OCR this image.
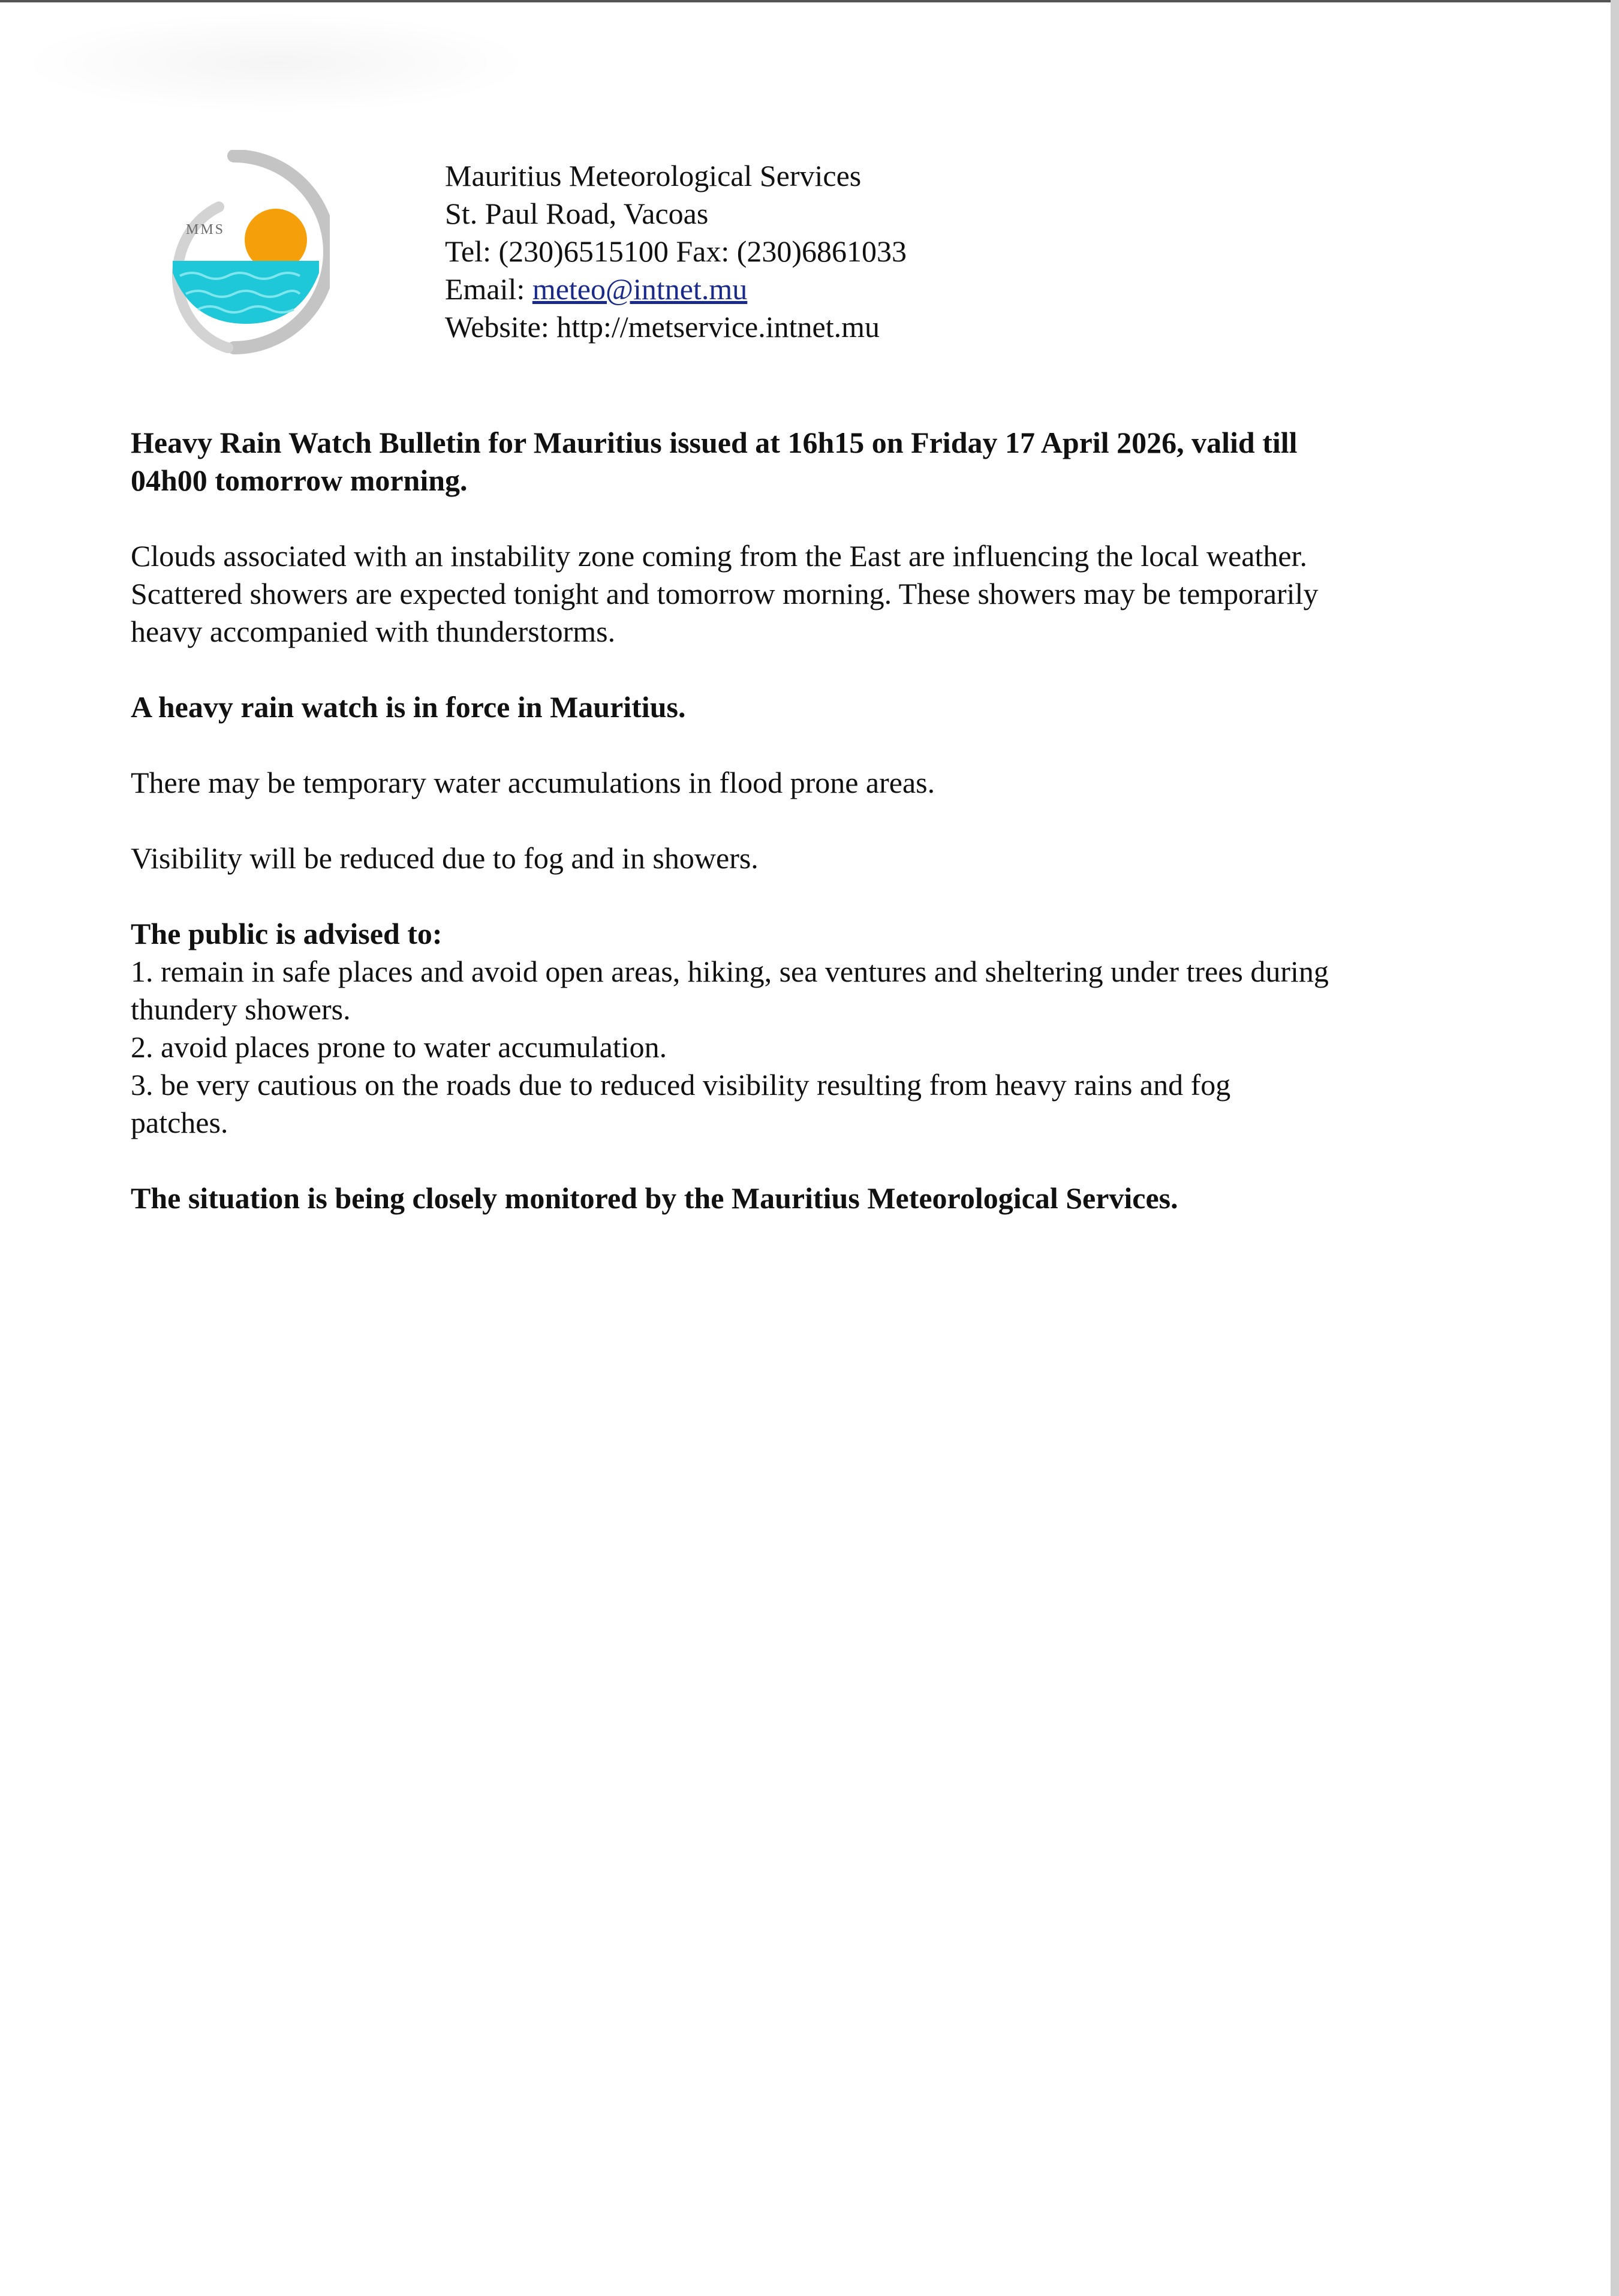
MMS
Mauritius Meteorological Services
St. Paul Road, Vacoas
Tel: (230)6515100 Fax: (230)6861033
Email: meteo@intnet.mu
Website: http://metservice.intnet.mu

Heavy Rain Watch Bulletin for Mauritius issued at 16h15 on Friday 17 April 2026, valid till

04h00 tomorrow morning.

Clouds associated with an instability zone coming from the East are influencing the local weather.

Scattered showers are expected tonight and tomorrow morning. These showers may be temporarily

heavy accompanied with thunderstorms.

A heavy rain watch is in force in Mauritius.

There may be temporary water accumulations in flood prone areas.

Visibility will be reduced due to fog and in showers.

The public is advised to:

1. remain in safe places and avoid open areas, hiking, sea ventures and sheltering under trees during

thundery showers.

2. avoid places prone to water accumulation.

3. be very cautious on the roads due to reduced visibility resulting from heavy rains and fog

patches.

The situation is being closely monitored by the Mauritius Meteorological Services.
